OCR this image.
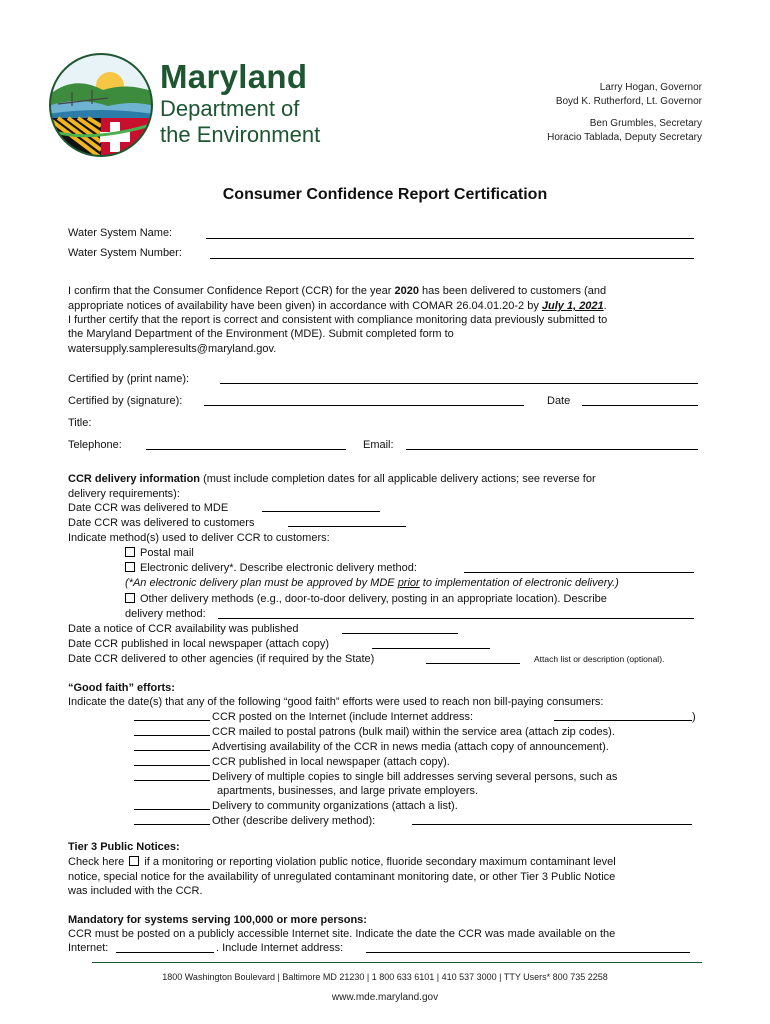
Maryland
Department of
the Environment
Larry Hogan, Governor
Boyd K. Rutherford, Lt. Governor
Ben Grumbles, Secretary
Horacio Tablada, Deputy Secretary
Consumer Confidence Report Certification
Water System Name:
Water System Number:
I confirm that the Consumer Confidence Report (CCR) for the year 2020 has been delivered to customers (and
appropriate notices of availability have been given) in accordance with COMAR 26.04.01.20-2 by July 1, 2021.
I further certify that the report is correct and consistent with compliance monitoring data previously submitted to
the Maryland Department of the Environment (MDE). Submit completed form to
watersupply.sampleresults@maryland.gov.
Certified by (print name):
Certified by (signature):	Date
Title:
Telephone:	Email:
CCR delivery information (must include completion dates for all applicable delivery actions; see reverse for
delivery requirements):
Date CCR was delivered to MDE
Date CCR was delivered to customers
Indicate method(s) used to deliver CCR to customers:
Postal mail
Electronic delivery*. Describe electronic delivery method:
(*An electronic delivery plan must be approved by MDE prior to implementation of electronic delivery.)
Other delivery methods (e.g., door-to-door delivery, posting in an appropriate location). Describe
delivery method:
Date a notice of CCR availability was published
Date CCR published in local newspaper (attach copy)
Date CCR delivered to other agencies (if required by the State)	Attach list or description (optional).
“Good faith” efforts:
Indicate the date(s) that any of the following “good faith” efforts were used to reach non bill-paying consumers:
CCR posted on the Internet (include Internet address:	)
CCR mailed to postal patrons (bulk mail) within the service area (attach zip codes).
Advertising availability of the CCR in news media (attach copy of announcement).
CCR published in local newspaper (attach copy).
Delivery of multiple copies to single bill addresses serving several persons, such as
apartments, businesses, and large private employers.
Delivery to community organizations (attach a list).
Other (describe delivery method):
Tier 3 Public Notices:
Check here if a monitoring or reporting violation public notice, fluoride secondary maximum contaminant level
notice, special notice for the availability of unregulated contaminant monitoring date, or other Tier 3 Public Notice
was included with the CCR.
Mandatory for systems serving 100,000 or more persons:
CCR must be posted on a publicly accessible Internet site. Indicate the date the CCR was made available on the
Internet:	. Include Internet address:
1800 Washington Boulevard | Baltimore MD 21230 | 1 800 633 6101 | 410 537 3000 | TTY Users* 800 735 2258
www.mde.maryland.gov
